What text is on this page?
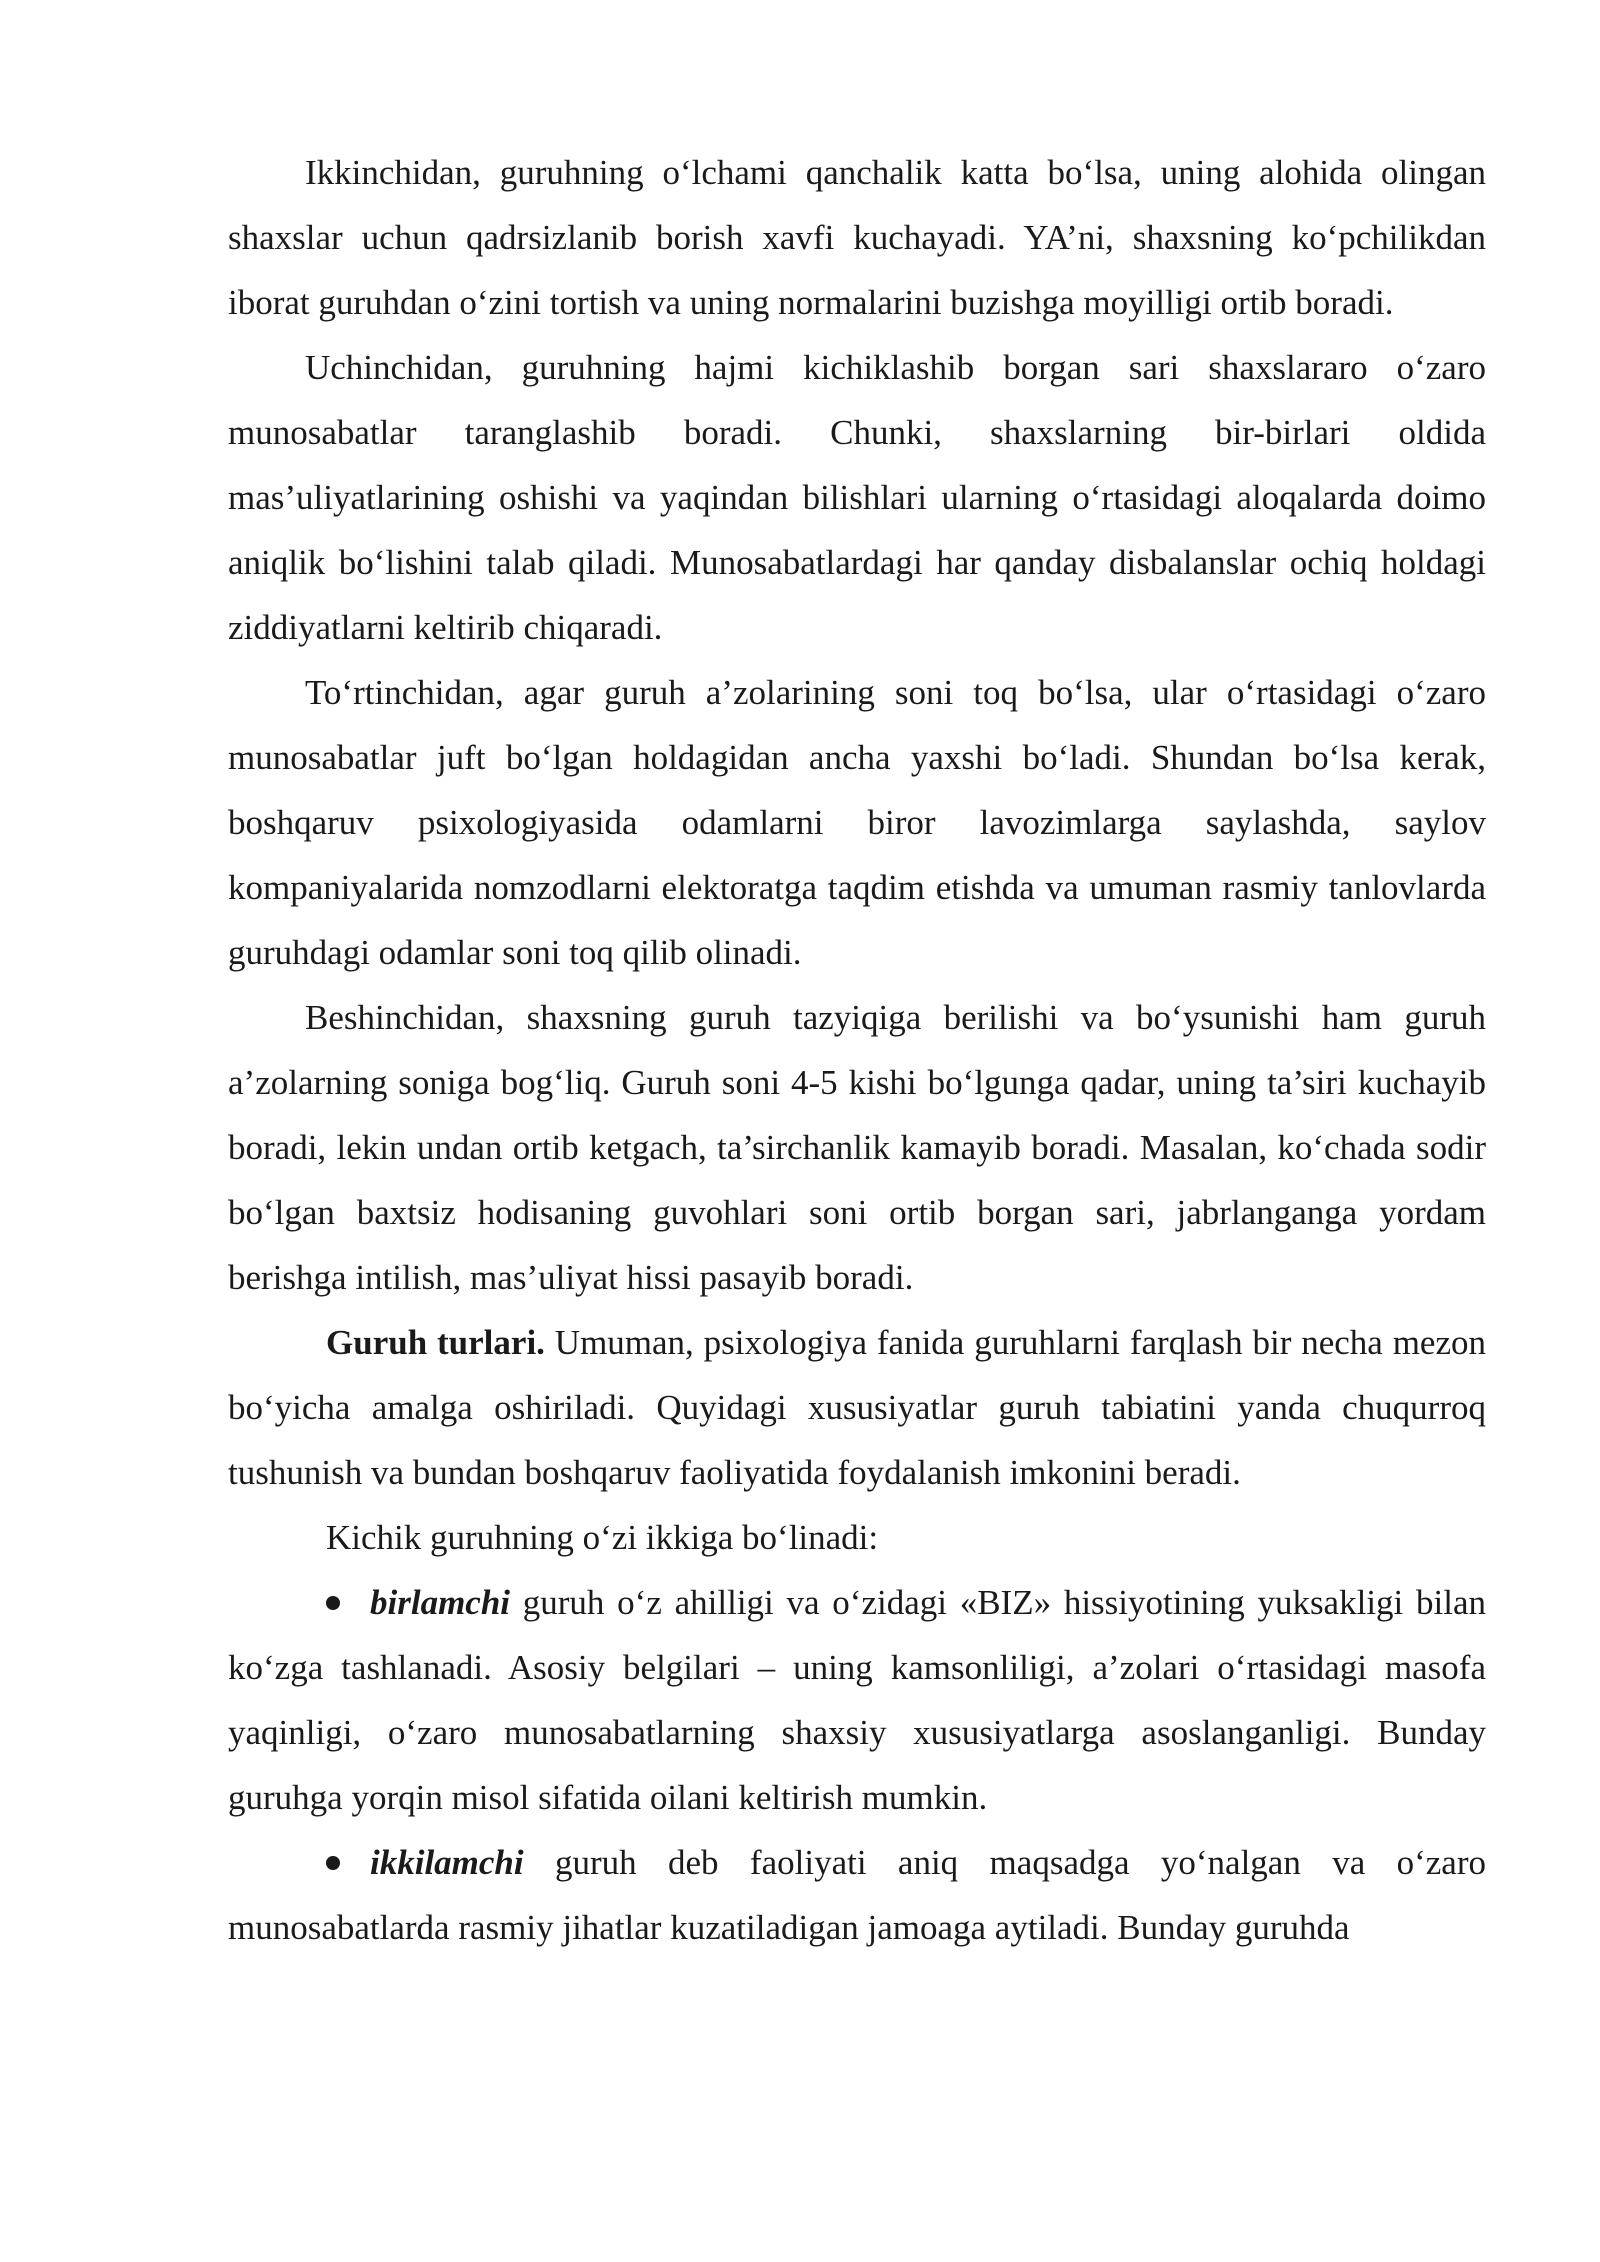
Ikkinchidan, guruhning o‘lchami qanchalik katta bo‘lsa, uning alohida olingan shaxslar uchun qadrsizlanib borish xavfi kuchayadi. YA’ni, shaxsning ko‘pchilikdan iborat guruhdan o‘zini tortish va uning normalarini buzishga moyilligi ortib boradi.

Uchinchidan, guruhning hajmi kichiklashib borgan sari shaxslararo o‘zaro munosabatlar taranglashib boradi. Chunki, shaxslarning bir-birlari oldida mas’uliyatlarining oshishi va yaqindan bilishlari ularning o‘rtasidagi aloqalarda doimo aniqlik bo‘lishini talab qiladi. Munosabatlardagi har qanday disbalanslar ochiq holdagi ziddiyatlarni keltirib chiqaradi.

To‘rtinchidan, agar guruh a’zolarining soni toq bo‘lsa, ular o‘rtasidagi o‘zaro munosabatlar juft bo‘lgan holdagidan ancha yaxshi bo‘ladi. Shundan bo‘lsa kerak, boshqaruv psixologiyasida odamlarni biror lavozimlarga saylashda, saylov kompaniyalarida nomzodlarni elektoratga taqdim etishda va umuman rasmiy tanlovlarda guruhdagi odamlar soni toq qilib olinadi.

Beshinchidan, shaxsning guruh tazyiqiga berilishi va bo‘ysunishi ham guruh a’zolarning soniga bog‘liq. Guruh soni 4-5 kishi bo‘lgunga qadar, uning ta’siri kuchayib boradi, lekin undan ortib ketgach, ta’sirchanlik kamayib boradi. Masalan, ko‘chada sodir bo‘lgan baxtsiz hodisaning guvohlari soni ortib borgan sari, jabrlanganga yordam berishga intilish, mas’uliyat hissi pasayib boradi.

Guruh turlari. Umuman, psixologiya fanida guruhlarni farqlash bir necha mezon bo‘yicha amalga oshiriladi. Quyidagi xususiyatlar guruh tabiatini yanda chuqurroq tushunish va bundan boshqaruv faoliyatida foydalanish imkonini beradi.

Kichik guruhning o‘zi ikkiga bo‘linadi:

birlamchi guruh o‘z ahilligi va o‘zidagi «BIZ» hissiyotining yuksakligi bilan ko‘zga tashlanadi. Asosiy belgilari – uning kamsonliligi, a’zolari o‘rtasidagi masofa yaqinligi, o‘zaro munosabatlarning shaxsiy xususiyatlarga asoslanganligi. Bunday guruhga yorqin misol sifatida oilani keltirish mumkin.

ikkilamchi guruh deb faoliyati aniq maqsadga yo‘nalgan va o‘zaro munosabatlarda rasmiy jihatlar kuzatiladigan jamoaga aytiladi. Bunday guruhda
